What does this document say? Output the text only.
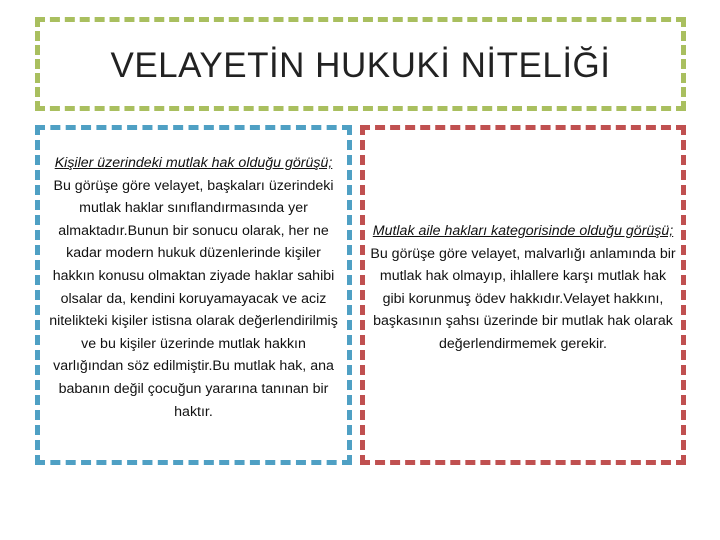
VELAYETİN HUKUKİ NİTELİĞİ
Kişiler üzerindeki mutlak hak olduğu görüşü;
Bu görüşe göre velayet, başkaları üzerindeki mutlak haklar sınıflandırmasında yer almaktadır.Bunun bir sonucu olarak, her ne kadar modern hukuk düzenlerinde kişiler hakkın konusu olmaktan ziyade haklar sahibi olsalar da, kendini koruyamayacak ve aciz nitelikteki kişiler istisna olarak değerlendirilmiş ve bu kişiler üzerinde mutlak hakkın varlığından söz edilmiştir.Bu mutlak hak, ana babanın değil çocuğun yararına tanınan bir haktır.
Mutlak aile hakları kategorisinde olduğu görüşü;
Bu görüşe göre velayet, malvarlığı anlamında bir mutlak hak olmayıp, ihlallere karşı mutlak hak gibi korunmuş ödev hakkıdır.Velayet hakkını, başkasının şahsı üzerinde bir mutlak hak olarak değerlendirmemek gerekir.
